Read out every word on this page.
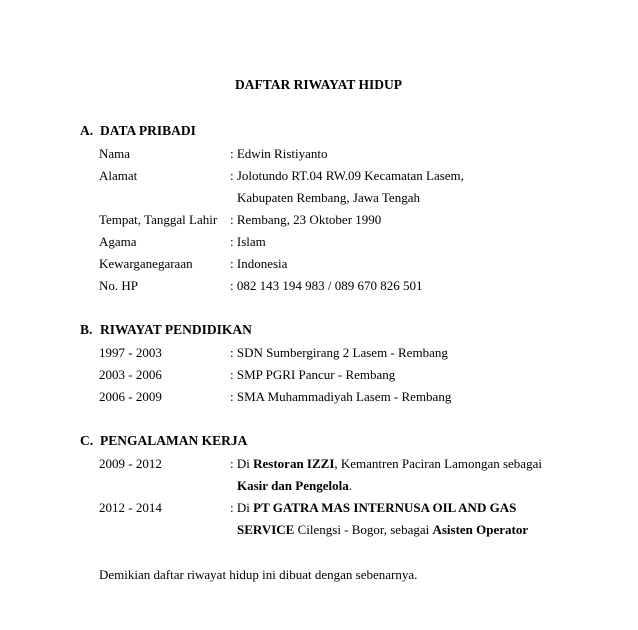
DAFTAR RIWAYAT HIDUP
A. DATA PRIBADI
Nama	: Edwin Ristiyanto
Alamat	: Jolotundo RT.04 RW.09 Kecamatan Lasem,
Kabupaten Rembang, Jawa Tengah
Tempat, Tanggal Lahir : Rembang, 23 Oktober 1990
Agama	: Islam
Kewarganegaraan	: Indonesia
No. HP	: 082 143 194 983 / 089 670 826 501
B. RIWAYAT PENDIDIKAN
1997 - 2003	: SDN Sumbergirang 2 Lasem - Rembang
2003 - 2006	: SMP PGRI Pancur - Rembang
2006 - 2009	: SMA Muhammadiyah Lasem - Rembang
C. PENGALAMAN KERJA
2009 - 2012	: Di Restoran IZZI, Kemantren Paciran Lamongan sebagai
Kasir dan Pengelola.
2012 - 2014	: Di PT GATRA MAS INTERNUSA OIL AND GAS
SERVICE Cilengsi - Bogor, sebagai Asisten Operator
Demikian daftar riwayat hidup ini dibuat dengan sebenarnya.
